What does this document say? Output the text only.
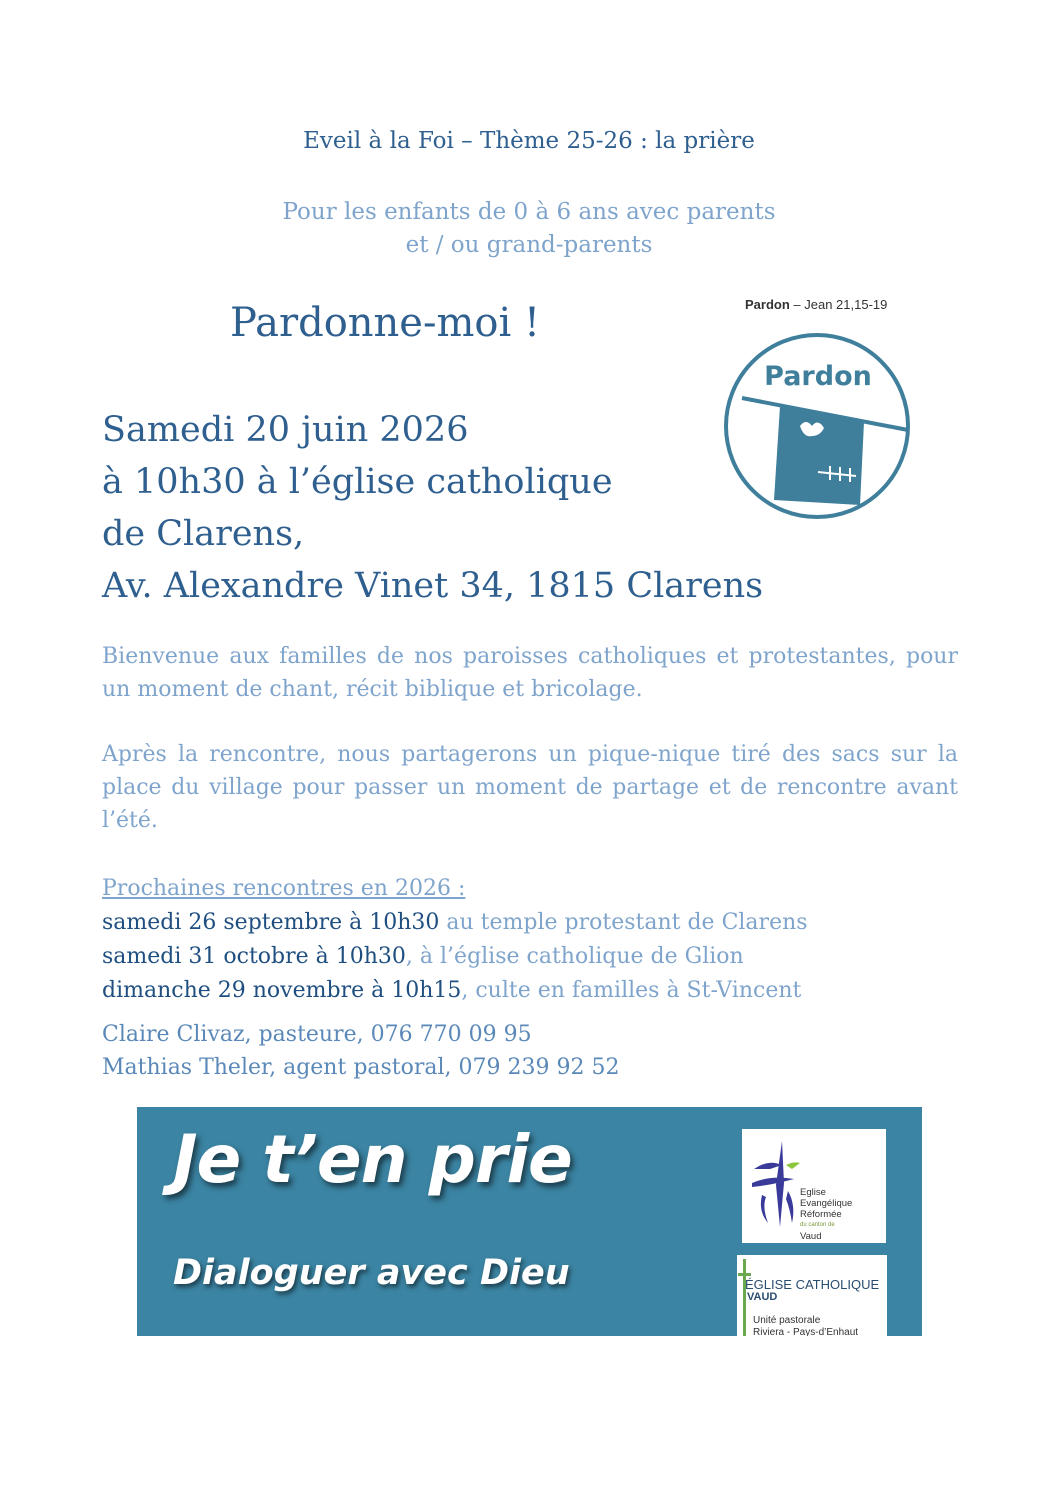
Eveil à la Foi – Thème 25-26 : la prière
Pour les enfants de 0 à 6 ans avec parents
et / ou grand-parents
Pardonne-moi !	Pardon – Jean 21,15-19
Pardon
Samedi 20 juin 2026
à 10h30 à l’église catholique
de Clarens,
Av. Alexandre Vinet 34, 1815 Clarens
Bienvenue aux familles de nos paroisses catholiques et protestantes, pour un moment de chant, récit biblique et bricolage.
Après la rencontre, nous partagerons un pique-nique tiré des sacs sur la place du village pour passer un moment de partage et de rencontre avant l’été.
Prochaines rencontres en 2026 :
samedi 26 septembre à 10h30 au temple protestant de Clarens
samedi 31 octobre à 10h30, à l’église catholique de Glion
dimanche 29 novembre à 10h15, culte en familles à St-Vincent
Claire Clivaz, pasteure, 076 770 09 95
Mathias Theler, agent pastoral, 079 239 92 52
Je t’en prie
Dialoguer avec Dieu
Eglise
Evangélique
Réformée
du canton de
Vaud
ÉGLISE CATHOLIQUE
VAUD
Unité pastorale
Riviera - Pays-d’Enhaut
